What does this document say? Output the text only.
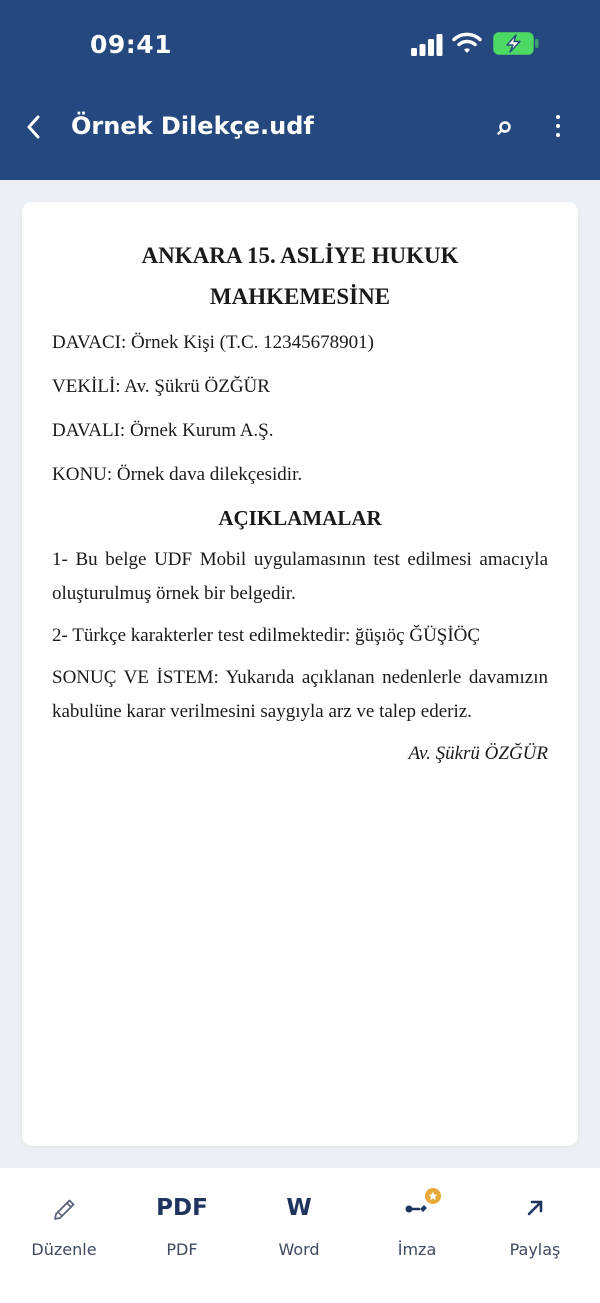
09:41
Örnek Dilekçe.udf
ANKARA 15. ASLİYE HUKUK
MAHKEMESİNE
DAVACI: Örnek Kişi (T.C. 12345678901)
VEKİLİ: Av. Şükrü ÖZĞÜR
DAVALI: Örnek Kurum A.Ş.
KONU: Örnek dava dilekçesidir.
AÇIKLAMALAR
1- Bu belge UDF Mobil uygulamasının test edilmesi amacıyla oluşturulmuş örnek bir belgedir.
2- Türkçe karakterler test edilmektedir: ğüşıöç ĞÜŞİÖÇ
SONUÇ VE İSTEM: Yukarıda açıklanan nedenlerle davamızın kabulüne karar verilmesini saygıyla arz ve talep ederiz.
Av. Şükrü ÖZĞÜR
Düzenle
PDF
PDF
W
Word	İmza	Paylaş
